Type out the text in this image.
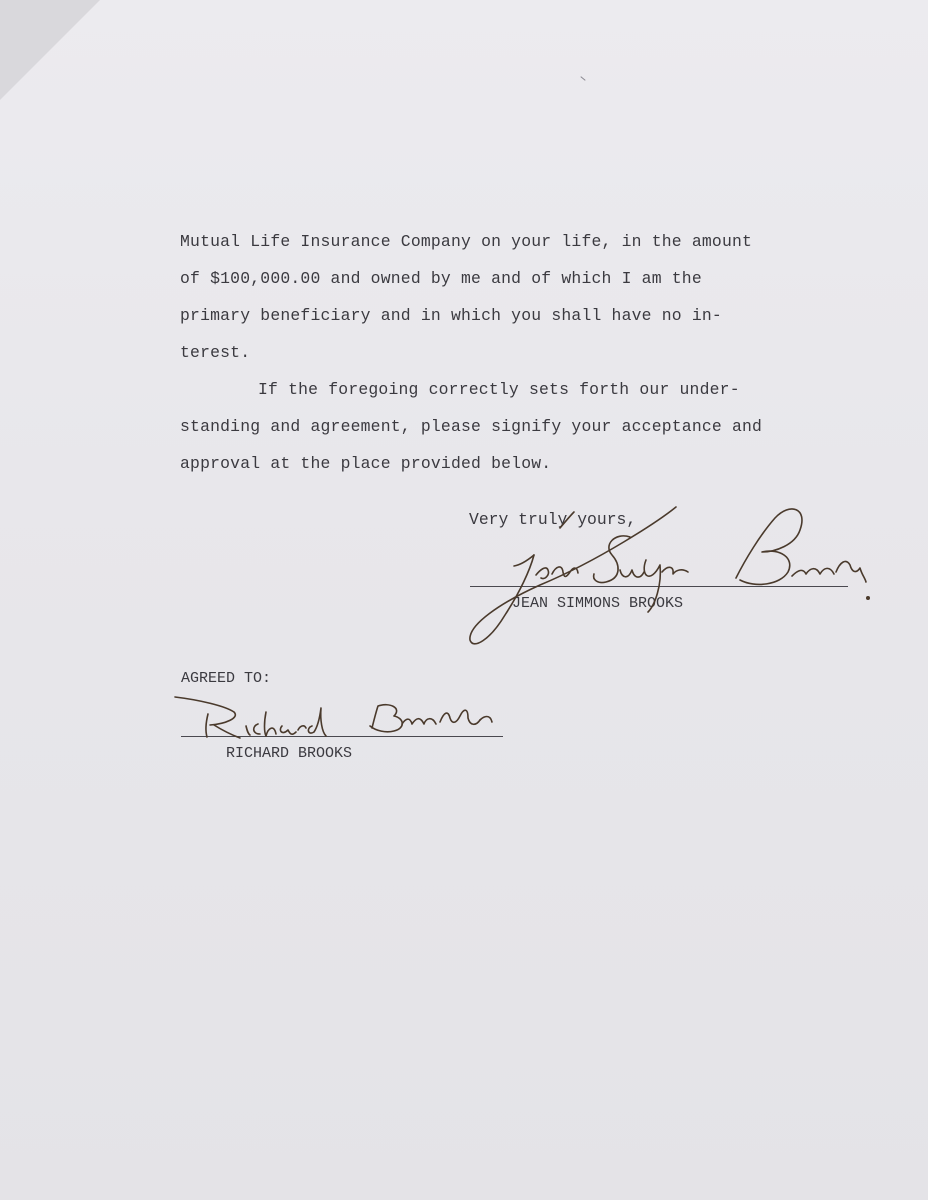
Mutual Life Insurance Company on your life, in the amount
of $100,000.00 and owned by me and of which I am the
primary beneficiary and in which you shall have no in-
terest.
If the foregoing correctly sets forth our under-
standing and agreement, please signify your acceptance and
approval at the place provided below.
Very truly yours,
JEAN SIMMONS BROOKS
AGREED TO:
RICHARD BROOKS
